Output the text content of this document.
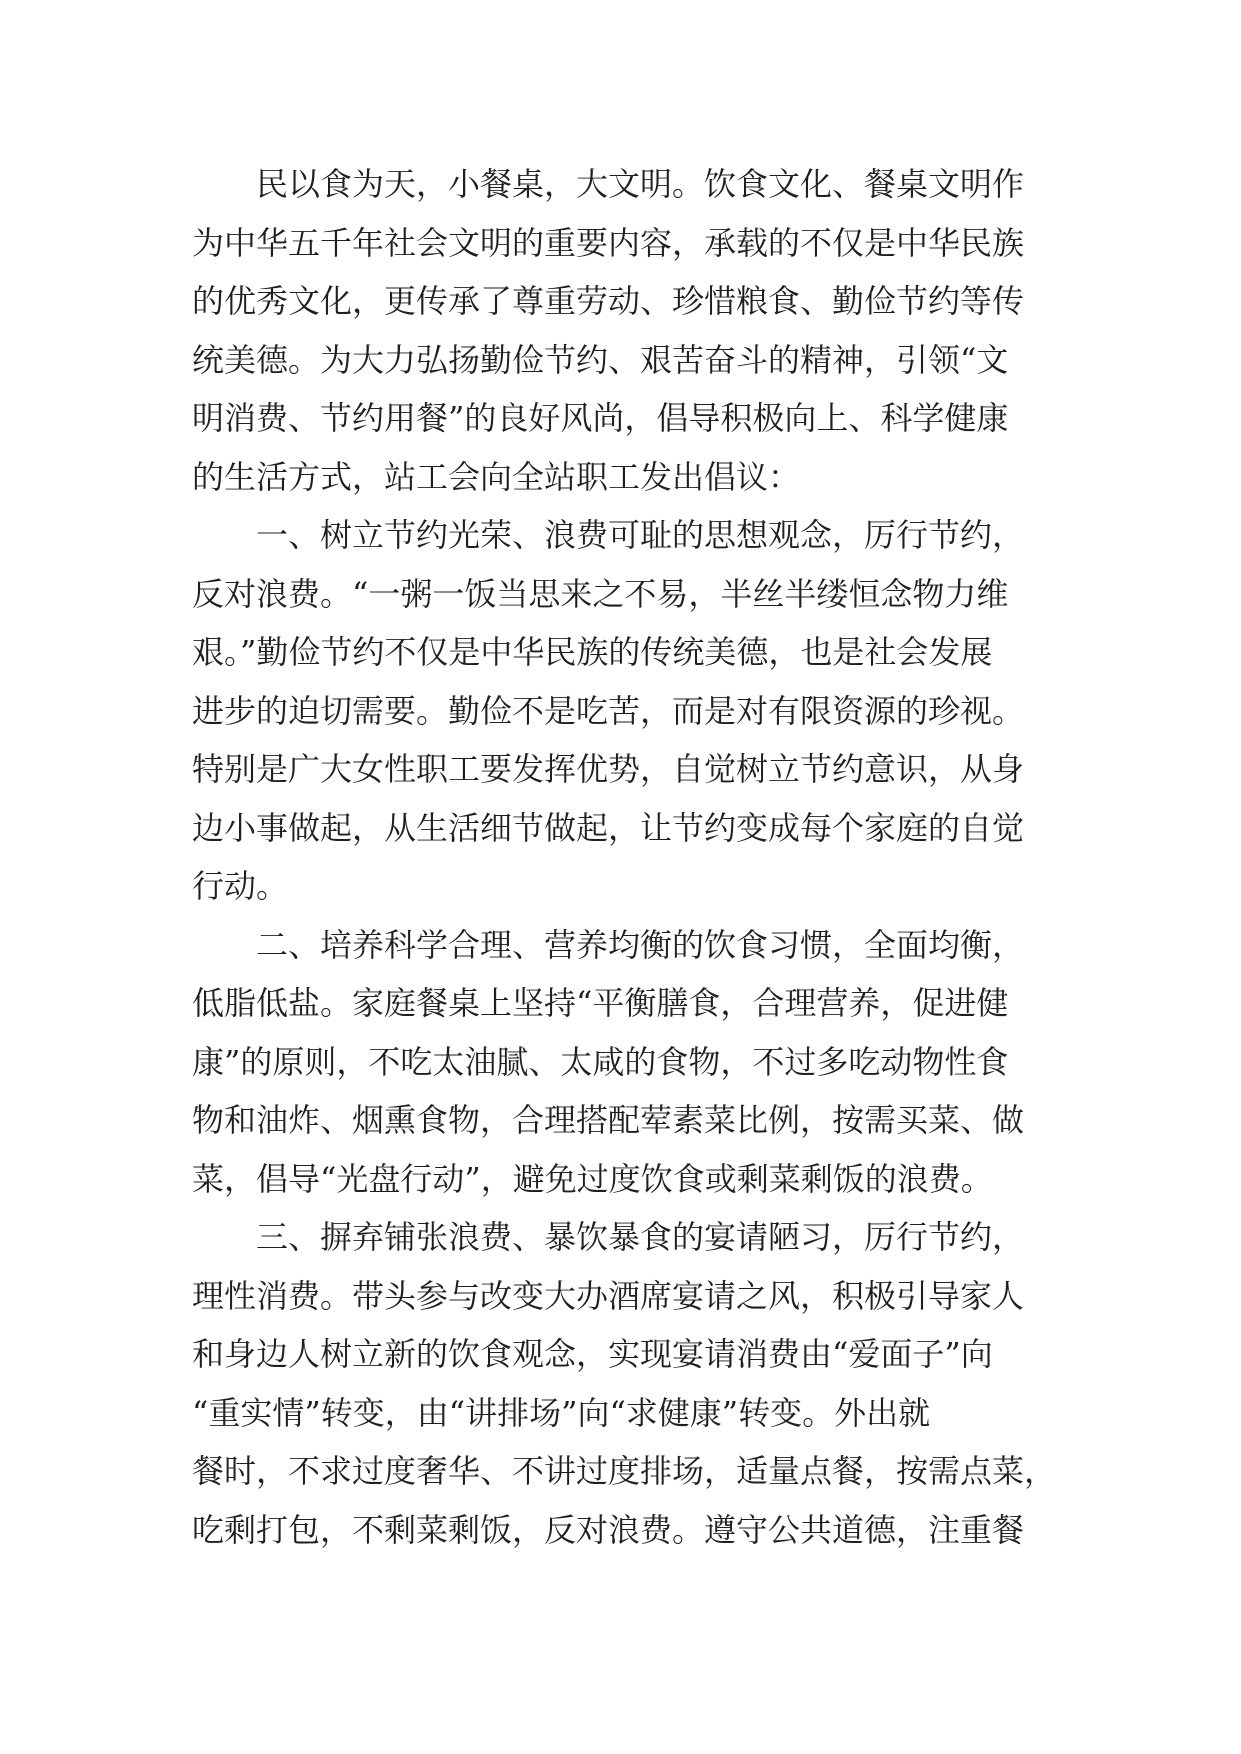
民以食为天，小餐桌，大文明。饮食文化、餐桌文明作
为中华五千年社会文明的重要内容，承载的不仅是中华民族
的优秀文化，更传承了尊重劳动、珍惜粮食、勤俭节约等传
统美德。为大力弘扬勤俭节约、艰苦奋斗的精神，引领“文
明消费、节约用餐”的良好风尚，倡导积极向上、科学健康
的生活方式，站工会向全站职工发出倡议：
一、树立节约光荣、浪费可耻的思想观念，厉行节约，
反对浪费。“一粥一饭当思来之不易，半丝半缕恒念物力维
艰。”勤俭节约不仅是中华民族的传统美德，也是社会发展
进步的迫切需要。勤俭不是吃苦，而是对有限资源的珍视。
特别是广大女性职工要发挥优势，自觉树立节约意识，从身
边小事做起，从生活细节做起，让节约变成每个家庭的自觉
行动。
二、培养科学合理、营养均衡的饮食习惯，全面均衡，
低脂低盐。家庭餐桌上坚持“平衡膳食，合理营养，促进健
康”的原则，不吃太油腻、太咸的食物，不过多吃动物性食
物和油炸、烟熏食物，合理搭配荤素菜比例，按需买菜、做
菜，倡导“光盘行动”，避免过度饮食或剩菜剩饭的浪费。
三、摒弃铺张浪费、暴饮暴食的宴请陋习，厉行节约，
理性消费。带头参与改变大办酒席宴请之风，积极引导家人
和身边人树立新的饮食观念，实现宴请消费由“爱面子”向
“重实情”转变，由“讲排场”向“求健康”转变。外出就
餐时，不求过度奢华、不讲过度排场，适量点餐，按需点菜，
吃剩打包，不剩菜剩饭，反对浪费。遵守公共道德，注重餐
